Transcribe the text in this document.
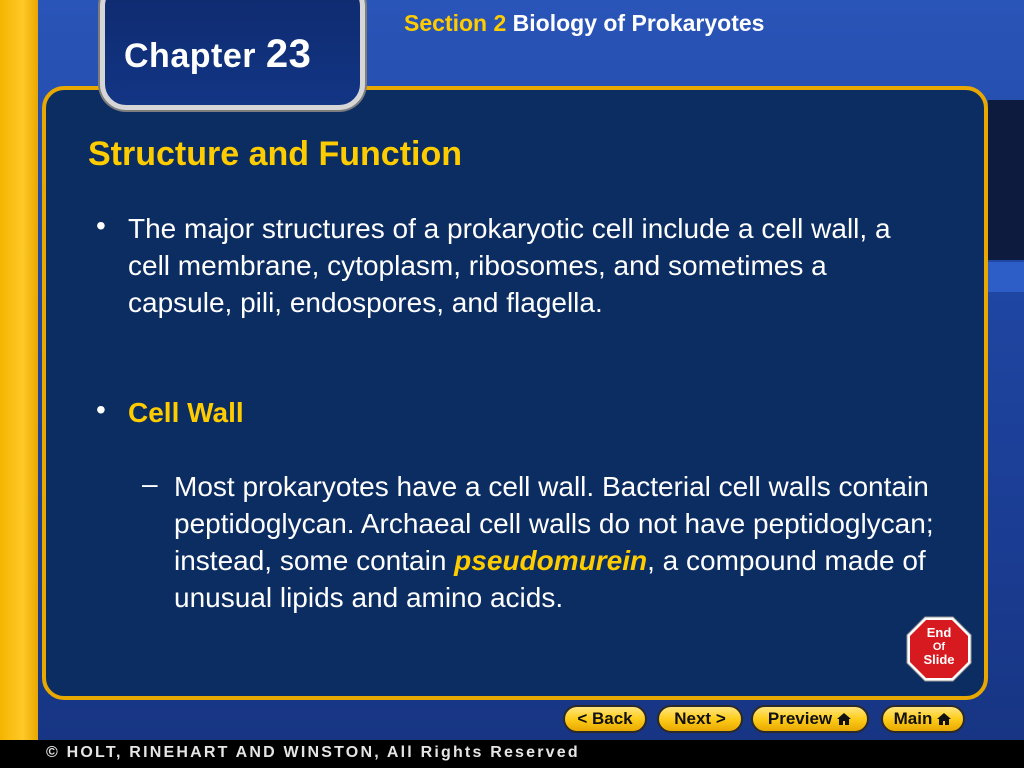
Chapter 23
Section 2 Biology of Prokaryotes
Structure and Function
• The major structures of a prokaryotic cell include a cell wall, a cell membrane, cytoplasm, ribosomes, and sometimes a capsule, pili, endospores, and flagella.
• Cell Wall
– Most prokaryotes have a cell wall. Bacterial cell walls contain peptidoglycan. Archaeal cell walls do not have peptidoglycan; instead, some contain pseudomurein, a compound made of unusual lipids and amino acids.
End
Of
Slide
< Back Next > Preview	Main
© HOLT, RINEHART AND WINSTON, All Rights Reserved
